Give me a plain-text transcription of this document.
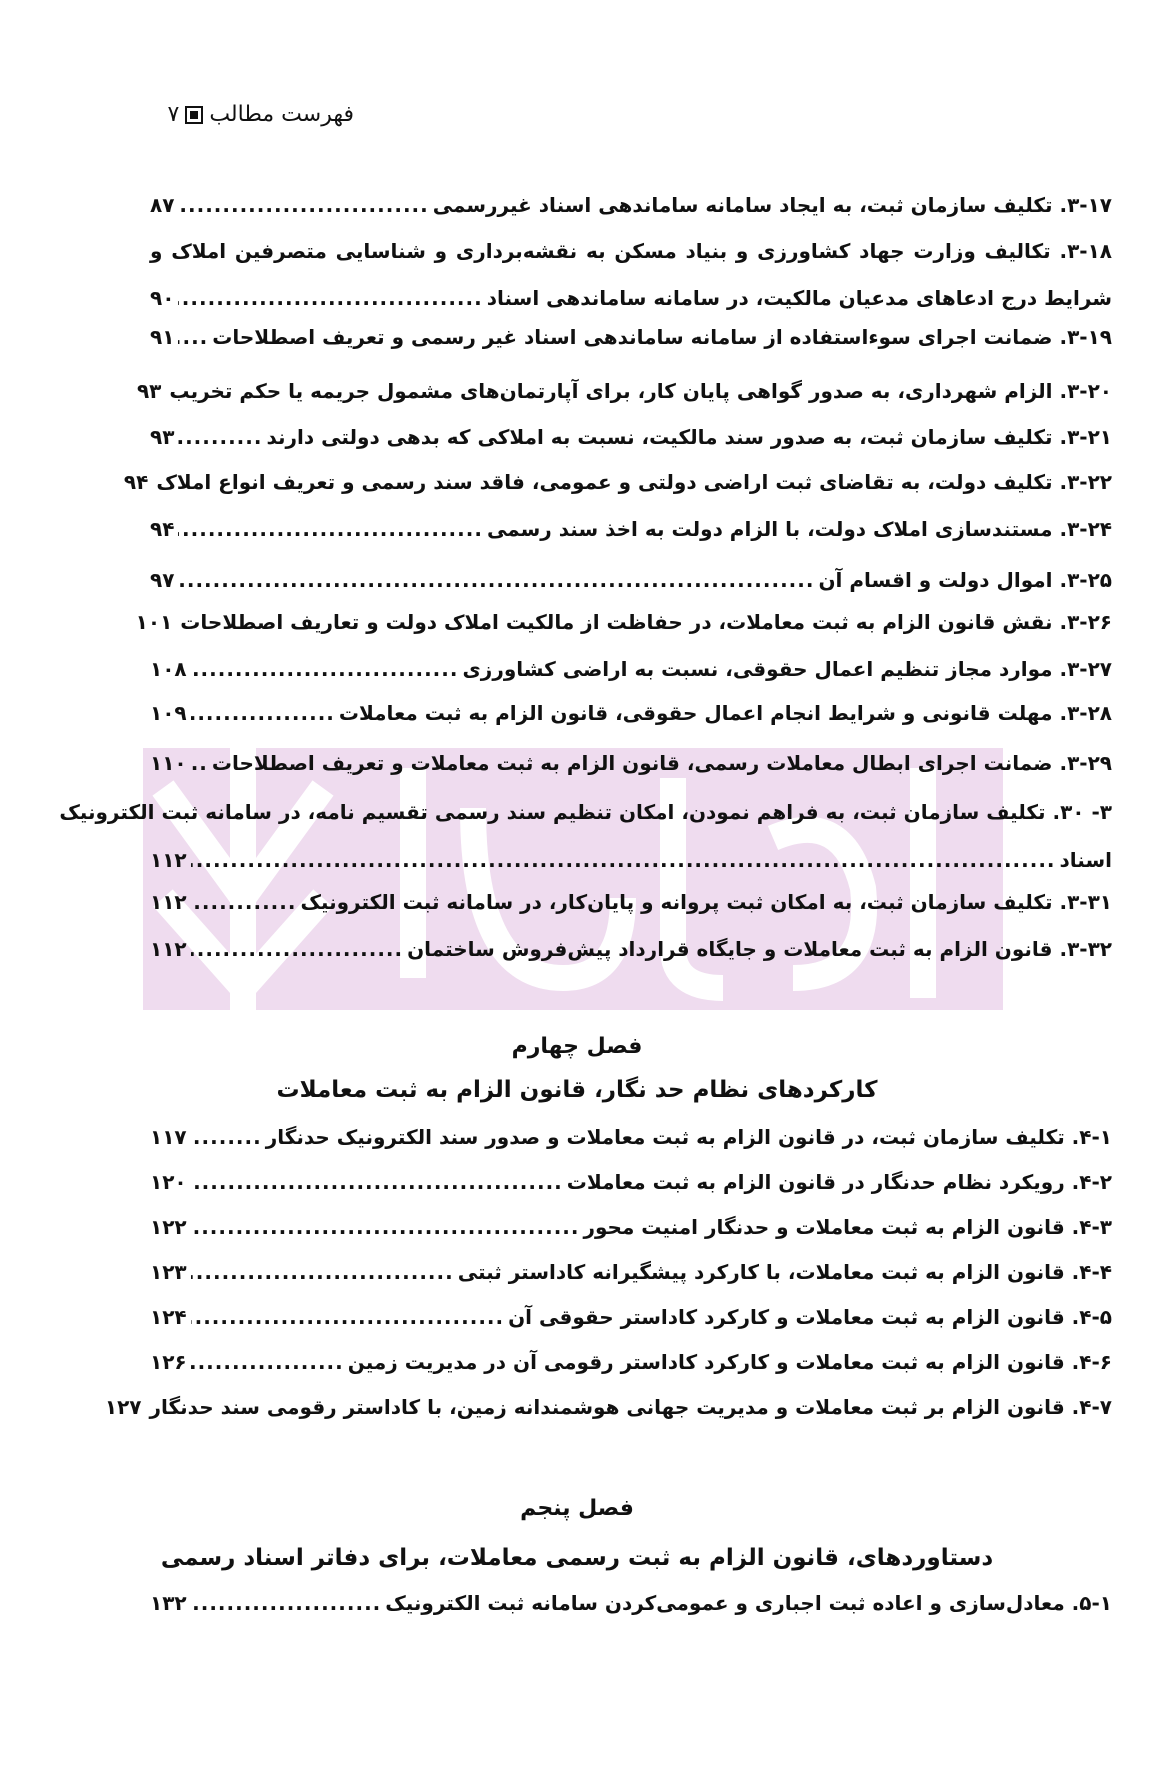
فهرست مطالب
۷
۳-۱۷. تکلیف سازمان ثبت، به ایجاد سامانه ساماندهی اسناد غیررسمی
.....
۸۷
۳-۱۸. تکالیف وزارت جهاد کشاورزی و بنیاد مسکن به نقشه‌برداری و شناسایی متصرفین املاک و
شرایط درج ادعاهای مدعیان مالکیت، در سامانه ساماندهی اسناد
.....
۹۰
۳-۱۹. ضمانت اجرای سوءاستفاده از سامانه ساماندهی اسناد غیر رسمی و تعریف اصطلاحات
.....
۹۱
۳-۲۰. الزام شهرداری، به صدور گواهی پایان کار، برای آپارتمان‌های مشمول جریمه یا حکم تخریب
۹۳
۳-۲۱. تکلیف سازمان ثبت، به صدور سند مالکیت، نسبت به املاکی که بدهی دولتی دارند
.....
۹۳
۳-۲۲. تکلیف دولت، به تقاضای ثبت اراضی دولتی و عمومی، فاقد سند رسمی و تعریف انواع املاک
۹۴
۳-۲۴. مستندسازی املاک دولت، با الزام دولت به اخذ سند رسمی
.....
۹۴
۳-۲۵. اموال دولت و اقسام آن
.....
۹۷
۳-۲۶. نقش قانون الزام به ثبت معاملات، در حفاظت از مالکیت املاک دولت و تعاریف اصطلاحات
۱۰۱
۳-۲۷. موارد مجاز تنظیم اعمال حقوقی، نسبت به اراضی کشاورزی
.....
۱۰۸
۳-۲۸. مهلت قانونی و شرایط انجام اعمال حقوقی، قانون الزام به ثبت معاملات
.....
۱۰۹
۳-۲۹. ضمانت اجرای ابطال معاملات رسمی، قانون الزام به ثبت معاملات و تعریف اصطلاحات
.....
۱۱۰
۳- ۳۰. تکلیف سازمان ثبت، به فراهم نمودن، امکان تنظیم سند رسمی تقسیم نامه، در سامانه ثبت الکترونیک
اسناد
.....
۱۱۲
۳-۳۱. تکلیف سازمان ثبت، به امکان ثبت پروانه و پایان‌کار، در سامانه ثبت الکترونیک
.....
۱۱۲
۳-۳۲. قانون الزام به ثبت معاملات و جایگاه قرارداد پیش‌فروش ساختمان
.....
۱۱۲
۴-۱. تکلیف سازمان ثبت، در قانون الزام به ثبت معاملات و صدور سند الکترونیک حدنگار
.....
۱۱۷
۴-۲. رویکرد نظام حدنگار در قانون الزام به ثبت معاملات
.....
۱۲۰
۴-۳. قانون الزام به ثبت معاملات و حدنگار امنیت محور
.....
۱۲۲
۴-۴. قانون الزام به ثبت معاملات، با کارکرد پیشگیرانه کاداستر ثبتی
.....
۱۲۳
۴-۵. قانون الزام به ثبت معاملات و کارکرد کاداستر حقوقی آن
.....
۱۲۴
۴-۶. قانون الزام به ثبت معاملات و کارکرد کاداستر رقومی آن در مدیریت زمین
.....
۱۲۶
۴-۷. قانون الزام بر ثبت معاملات و مدیریت جهانی هوشمندانه زمین، با کاداستر رقومی سند حدنگار
۱۲۷
۵-۱. معادل‌سازی و اعاده ثبت اجباری و عمومی‌کردن سامانه ثبت الکترونیک
.....
۱۳۲
فصل چهارم
کارکردهای نظام حد نگار، قانون الزام به ثبت معاملات
فصل پنجم
دستاوردهای، قانون الزام به ثبت رسمی معاملات، برای دفاتر اسناد رسمی
